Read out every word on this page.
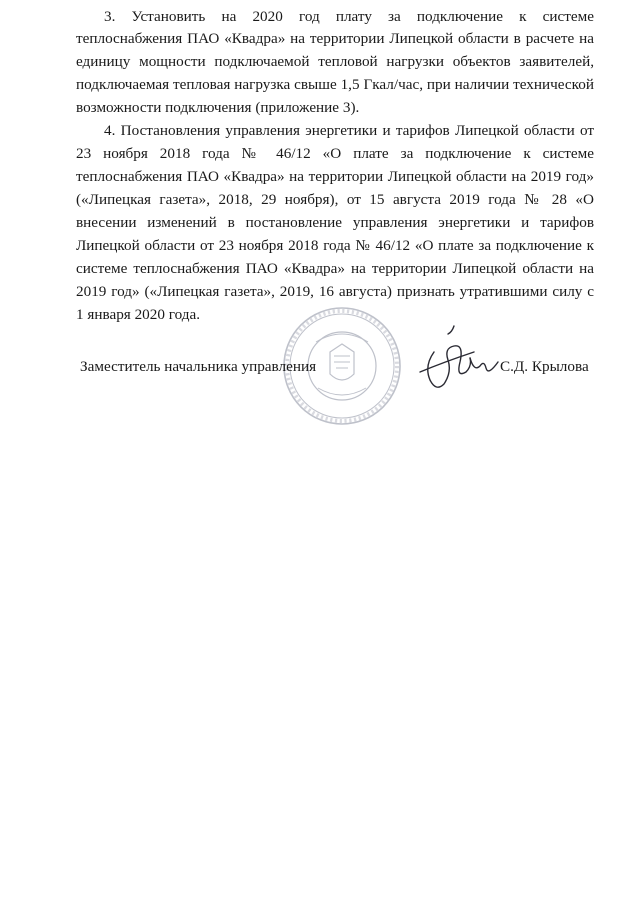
3. Установить на 2020 год плату за подключение к системе
теплоснабжения ПАО «Квадра» на территории Липецкой области в расчете на
единицу мощности подключаемой тепловой нагрузки объектов заявителей,
подключаемая тепловая нагрузка свыше 1,5 Гкал/час, при наличии технической
возможности подключения (приложение 3).
4. Постановления управления энергетики и тарифов Липецкой области от
23 ноября 2018 года № 46/12 «О плате за подключение к системе
теплоснабжения ПАО «Квадра» на территории Липецкой области на 2019 год»
(«Липецкая газета», 2018, 29 ноября), от 15 августа 2019 года № 28 «О
внесении изменений в постановление управления энергетики и тарифов
Липецкой области от 23 ноября 2018 года № 46/12 «О плате за подключение к
системе теплоснабжения ПАО «Квадра» на территории Липецкой области на
2019 год» («Липецкая газета», 2019, 16 августа) признать утратившими силу с
1 января 2020 года.
Заместитель начальника управления	С.Д. Крылова
